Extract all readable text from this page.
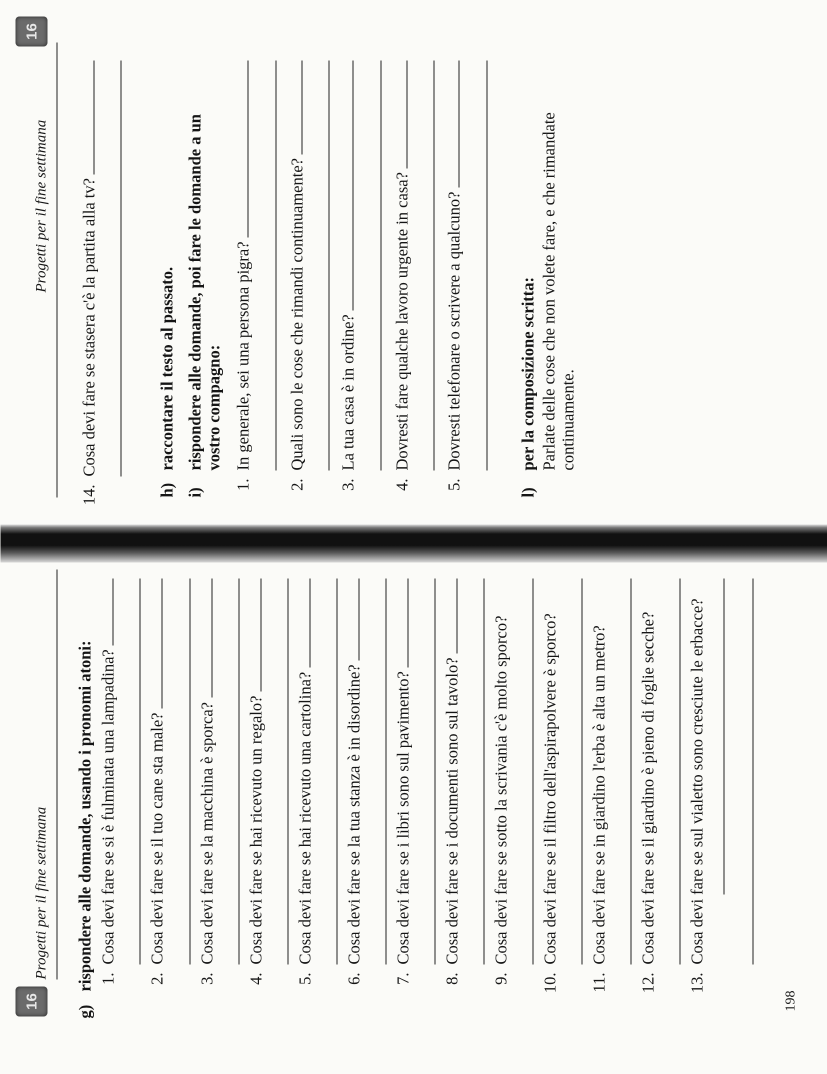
16
Progetti per il fine settimana
g)
rispondere alle domande, usando i pronomi atoni: 1.
Cosa devi fare se si è fulminata una lampadina?
2.
Cosa devi fare se il tuo cane sta male?
3.
Cosa devi fare se la macchina è sporca?
4.
Cosa devi fare se hai ricevuto un regalo?
5.
Cosa devi fare se hai ricevuto una cartolina?
6.
Cosa devi fare se la tua stanza è in disordine?
7.
Cosa devi fare se i libri sono sul pavimento?
8.
Cosa devi fare se i documenti sono sul tavolo?
9.
Cosa devi fare se sotto la scrivania c'è molto sporco?
10.
Cosa devi fare se il filtro dell'aspirapolvere è sporco?
11.
Cosa devi fare se in giardino l'erba è alta un metro?
12.
Cosa devi fare se il giardino è pieno di foglie secche?
13.Cosa devi fare se sul vialetto sono cresciute le erbacce?
198
Progetti per il fine settimana
16
14.
Cosa devi fare se stasera c'è la partita alla tv?
h)
raccontare il testo al passato.
i)
rispondere alle domande, poi fare le domande a un vostro compagno:
1.
In generale, sei una persona pigra?
2.
Quali sono le cose che rimandi continuamente?
3.
La tua casa è in ordine?
4.
Dovresti fare qualche lavoro urgente in casa?
5.
Dovresti telefonare o scrivere a qualcuno?
l)
per la composizione scritta: Parlate delle cose che non volete fare, e che rimandate continuamente.
